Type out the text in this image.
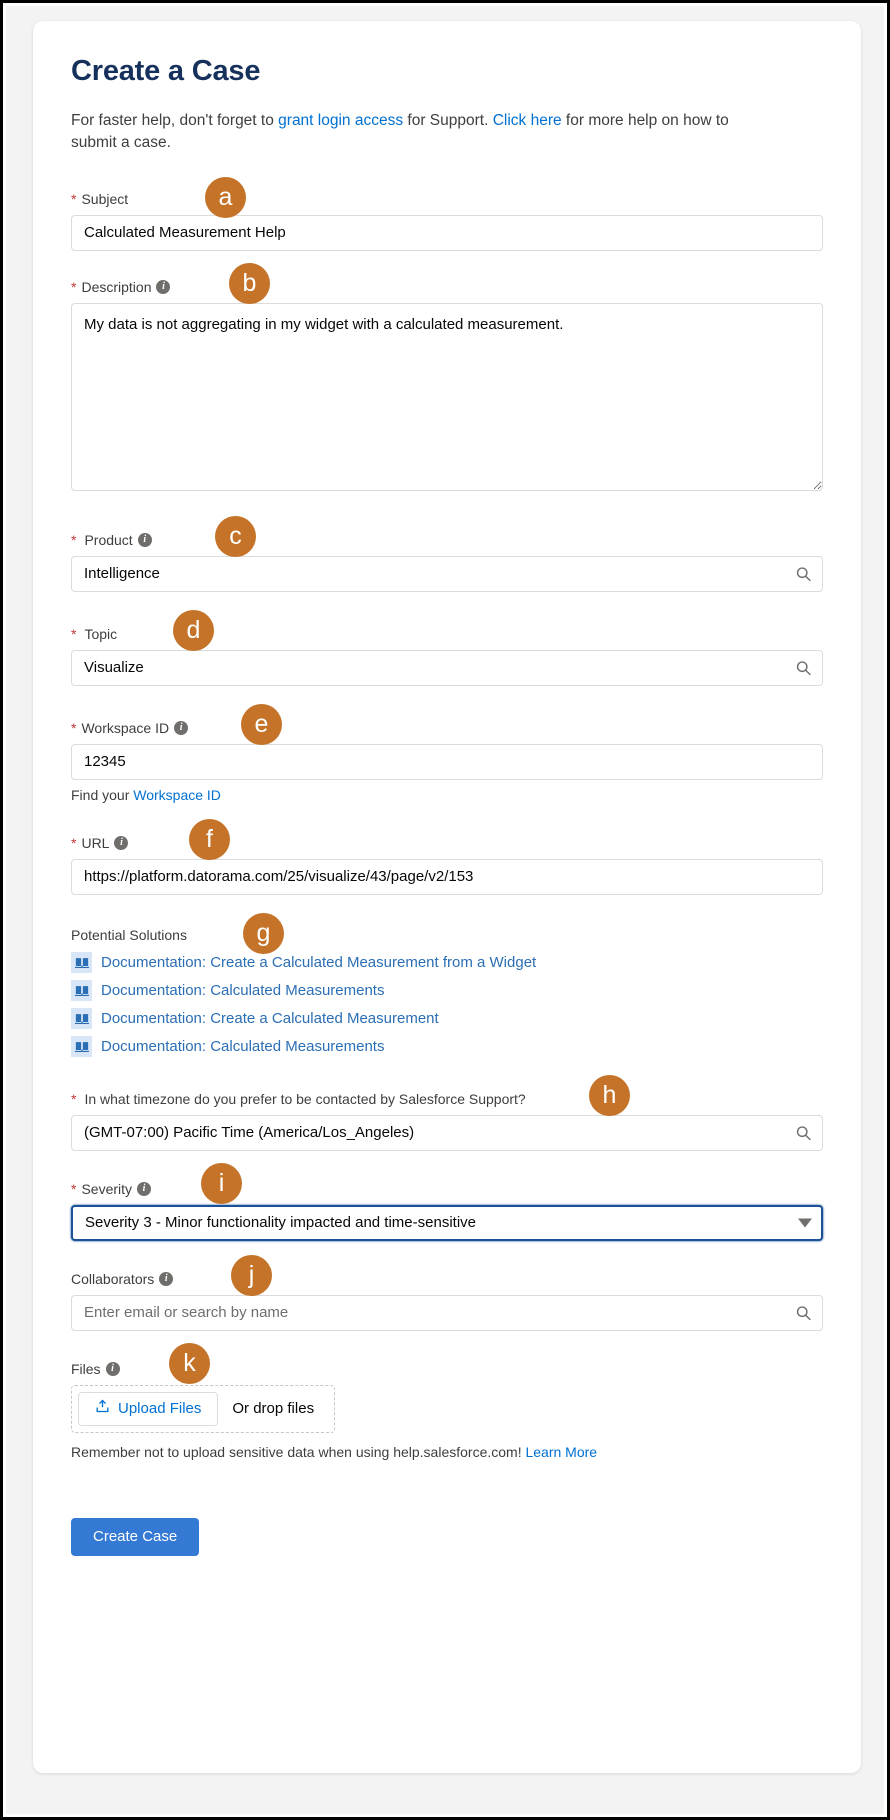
Create a Case

For faster help, don't forget to grant login access for Support. Click here for more help on how to submit a case.

a
* Subject
Calculated Measurement Help
b
* Description	i
My data is not aggregating in my widget with a calculated measurement.
c
* Product	i
Intelligence
d
* Topic
Visualize
e
* Workspace ID	i
12345
Find your Workspace ID
f
* URL	i
https://platform.datorama.com/25/visualize/43/page/v2/153
g
Potential Solutions
Documentation: Create a Calculated Measurement from a Widget
Documentation: Calculated Measurements
Documentation: Create a Calculated Measurement
Documentation: Calculated Measurements
h
* In what timezone do you prefer to be contacted by Salesforce Support?
(GMT-07:00) Pacific Time (America/Los_Angeles)
i
* Severity	i
Severity 3 - Minor functionality impacted and time-sensitive
j
Collaborators	i
Enter email or search by name
k
Files	i
Upload Files	Or drop files
Remember not to upload sensitive data when using help.salesforce.com! Learn More
Create Case
